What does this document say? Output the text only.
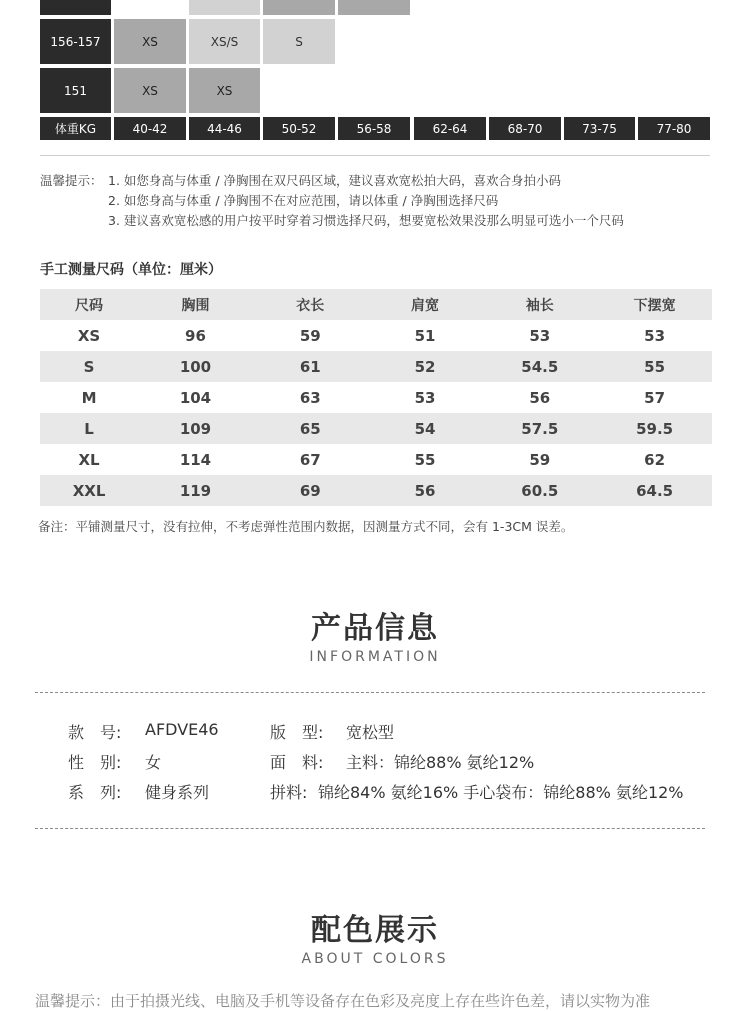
156-157	XS	XS/S	S
151	XS	XS
体重KG	40-42	44-46	50-52	56-58	62-64	68-70	73-75	77-80
温馨提示： 1. 如您身高与体重 / 净胸围在双尺码区域，建议喜欢宽松拍大码，喜欢合身拍小码
2. 如您身高与体重 / 净胸围不在对应范围，请以体重 / 净胸围选择尺码
3. 建议喜欢宽松感的用户按平时穿着习惯选择尺码，想要宽松效果没那么明显可选小一个尺码
手工测量尺码（单位：厘米）
尺码	胸围	衣长	肩宽	袖长	下摆宽
XS	96	59	51	53	53
S	100	61	52	54.5	55
M	104	63	53	56	57
L	109	65	54	57.5	59.5
XL	114	67	55	59	62
XXL	119	69	56	60.5	64.5
备注：平铺测量尺寸，没有拉伸，不考虑弹性范围内数据，因测量方式不同，会有 1-3CM 误差。
产品信息
INFORMATION
款　号: AFDVE46	版　型: 宽松型
性　别: 女	面　料: 主料：锦纶88% 氨纶12%
系　列: 健身系列	拼料: 锦纶84% 氨纶16% 手心袋布：锦纶88% 氨纶12%
配色展示
ABOUT COLORS
温馨提示：由于拍摄光线、电脑及手机等设备存在色彩及亮度上存在些许色差，请以实物为准
